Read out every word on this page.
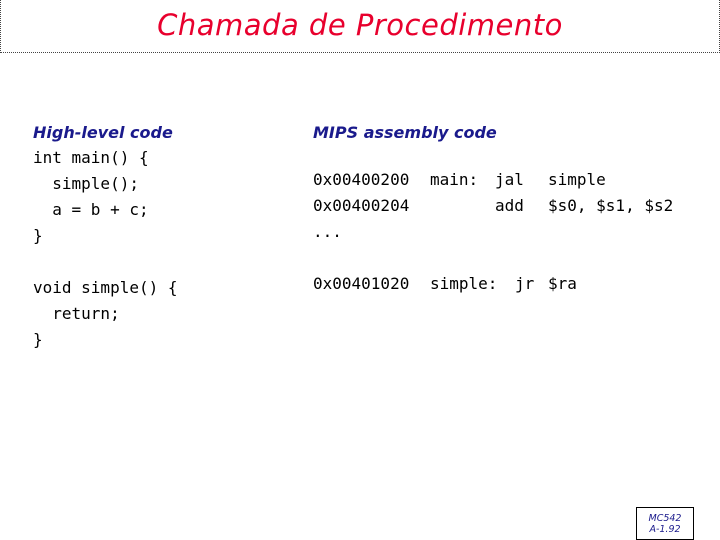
Chamada de Procedimento
High-level code
int main() {
simple();
a = b + c;
}
void simple() {
return;
}
MIPS assembly code
0x00400200 main: jal simple
0x00400204	add $s0, $s1, $s2
...
0x00401020 simple: jr $ra
MC542
A-1.92
